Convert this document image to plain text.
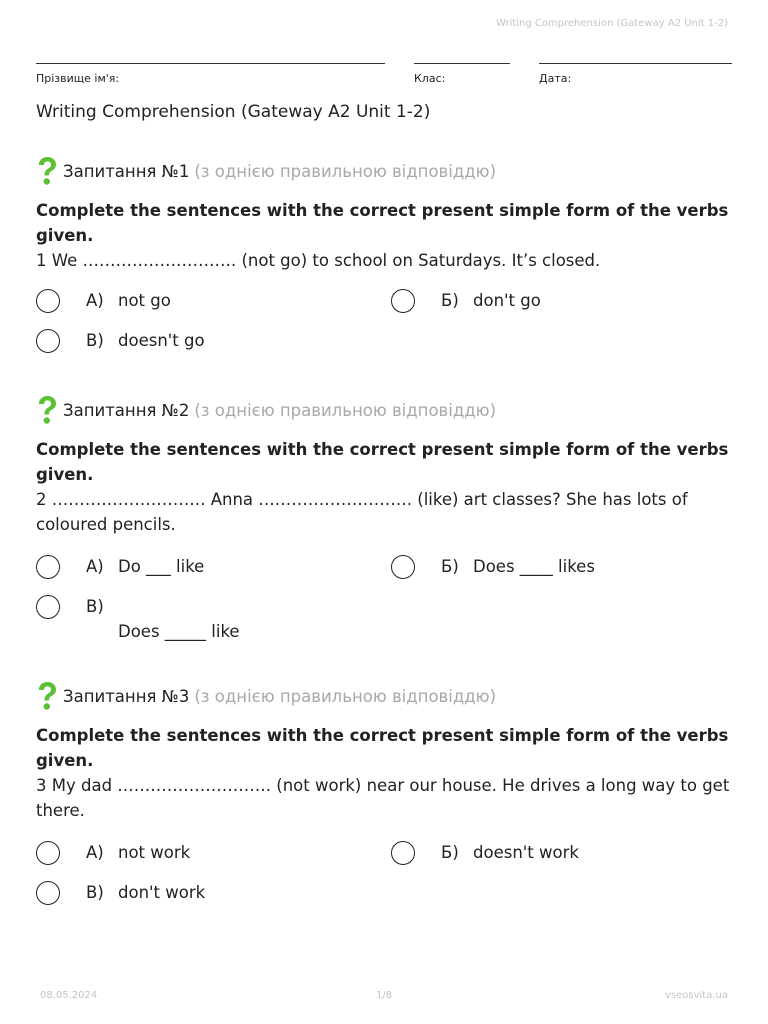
Writing Comprehension (Gateway A2 Unit 1-2)
Прізвище ім'я:	Клас:	Дата:
Writing Comprehension (Gateway A2 Unit 1-2)
Запитання №1 (з однією правильною відповіддю)
Complete the sentences with the correct present simple form of the verbs given.
1 We ………………………. (not go) to school on Saturdays. It’s closed.
А) not go	Б) don't go
В) doesn't go
Запитання №2 (з однією правильною відповіддю)
Complete the sentences with the correct present simple form of the verbs given.
2 ………………………. Anna ………………………. (like) art classes? She has lots of coloured pencils.
А) Do ___ like	Б) Does ____ likes
В)
Does _____ like
Запитання №3 (з однією правильною відповіддю)
Complete the sentences with the correct present simple form of the verbs given.
3 My dad ………………………. (not work) near our house. He drives a long way to get there.
А) not work	Б) doesn't work
В) don't work
08.05.2024	1/8	vseosvita.ua
